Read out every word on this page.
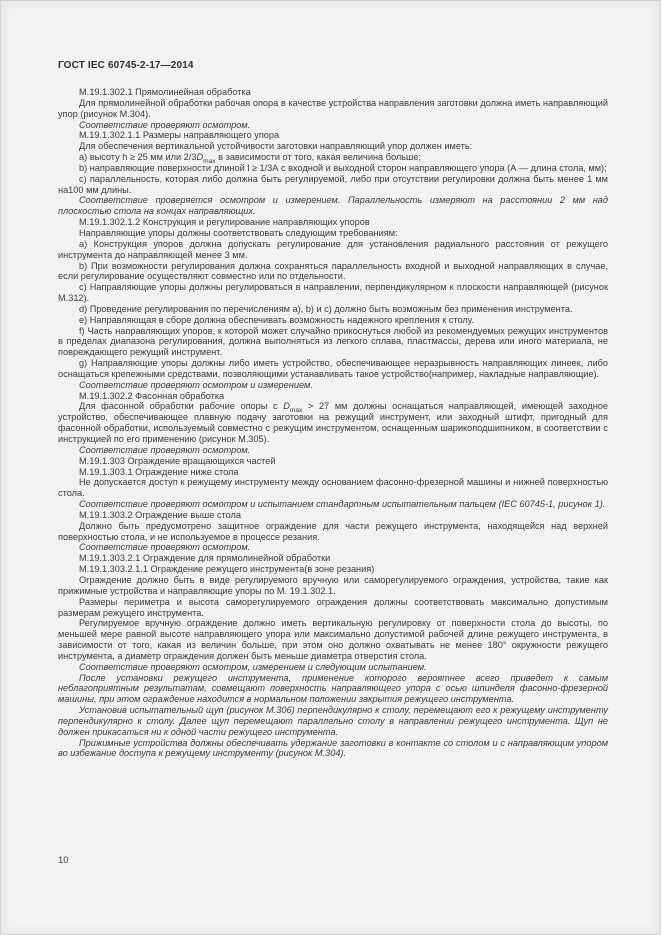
ГОСТ IEC 60745-2-17—2014

М.19.1.302.1 Прямолинейная обработка

Для прямолинейной обработки рабочая опора в качестве устройства направления заготовки должна иметь направляющий упор (рисунок М.304).

Соответствие проверяют осмотром.

М.19.1.302.1.1 Размеры направляющего упора

Для обеспечения вертикальной устойчивости заготовки направляющий упор должен иметь:

а) высоту h ≥ 25 мм или $2/3D_{max}$ в зависимости от того, какая величина больше;

b) направляющие поверхности длиной l ≥ 1/3А с входной и выходной сторон направляющего упора (А — длина стола, мм);

с) параллельность, которая либо должна быть регулируемой, либо при отсутствии регулировки должна быть менее 1 мм на100 мм длины.

Соответствие проверяется осмотром и измерением. Параллельность измеряют на расстоянии 2 мм над плоскостью стола на концах направляющих.

М.19.1.302.1.2 Конструкция и регулирование направляющих упоров

Направляющие упоры должны соответствовать следующим требованиям:

а) Конструкция упоров должна допускать регулирование для установления радиального расстояния от режущего инструмента до направляющей менее 3 мм.

b) При возможности регулирования должна сохраняться параллельность входной и выходной направляющих в случае, если регулирование осуществляют совместно или по отдельности.

с) Направляющие упоры должны регулироваться в направлении, перпендикулярном к плоскости направляющей (рисунок М.312).

d) Проведение регулирования по перечислениям а), b) и с) должно быть возможным без применения инструмента.

е) Направляющая в сборе должна обеспечивать возможность надежного крепления к столу.

f) Часть направляющих упоров, к которой может случайно прикоснуться любой из рекомендуемых режущих инструментов в пределах диапазона регулирования, должна выполняться из легкого сплава, пластмассы, дерева или иного материала, не повреждающего режущий инструмент.

g) Направляющие упоры должны либо иметь устройство, обеспечивающее неразрывность направляющих линеек, либо оснащаться крепежными средствами, позволяющими устанавливать такое устройство(например, накладные направляющие).

Соответствие проверяют осмотром и измерением.

М.19.1.302.2 Фасонная обработка

Для фасонной обработки рабочие опоры с $D_{max} > 27$ мм должны оснащаться направляющей, имеющей заходное устройство, обеспечивающее плавную подачу заготовки на режущий инструмент, или заходный штифт, пригодный для фасонной обработки, используемый совместно с режущим инструментом, оснащенным шарикоподшипником, в соответствии с инструкцией по его применению (рисунок М.305).

Соответствие проверяют осмотром.

М.19.1.303 Ограждение вращающихся частей

М.19.1.303.1 Ограждение ниже стола

Не допускается доступ к режущему инструменту между основанием фасонно-фрезерной машины и нижней поверхностью стола.

Соответствие проверяют осмотром и испытанием стандартным испытательным пальцем (IEC 60745-1, рисунок 1).

М.19.1.303.2 Ограждение выше стола

Должно быть предусмотрено защитное ограждение для части режущего инструмента, находящейся над верхней поверхностью стола, и не используемое в процессе резания.

Соответствие проверяют осмотром.

М.19.1.303.2.1 Ограждение для прямолинейной обработки

М.19.1.303.2.1.1 Ограждение режущего инструмента(в зоне резания)

Ограждение должно быть в виде регулируемого вручную или саморегулируемого ограждения, устройства, такие как прижимные устройства и направляющие упоры по М. 19.1.302.1.

Размеры периметра и высота саморегулируемого ограждения должны соответствовать максимально допустимым размерам режущего инструмента.

Регулируемое вручную ограждение должно иметь вертикальную регулировку от поверхности стола до высоты, по меньшей мере равной высоте направляющего упора или максимально допустимой рабочей длине режущего инструмента, в зависимости от того, какая из величин больше, при этом оно должно охватывать не менее 180° окружности режущего инструмента, а диаметр ограждения должен быть меньше диаметра отверстия стола.

Соответствие проверяют осмотром, измерением и следующим испытанием.

После установки режущего инструмента, применение которого вероятнее всего приведет к самым неблагоприятным результатам, совмещают поверхность направляющего упора с осью шпинделя фасонно-фрезерной машины, при этом ограждение находится в нормальном положении закрытия режущего инструмента.

Установив испытательный щуп (рисунок М.306) перпендикулярно к столу, перемещают его к режущему инструменту перпендикулярно к столу. Далее щуп перемещают параллельно столу в направлении режущего инструмента. Щуп не должен прикасаться ни к одной части режущего инструмента.

Прижимные устройства должны обеспечивать удержание заготовки в контакте со столом и с направляющим упором во избежание доступа к режущему инструменту (рисунок М.304).

10
